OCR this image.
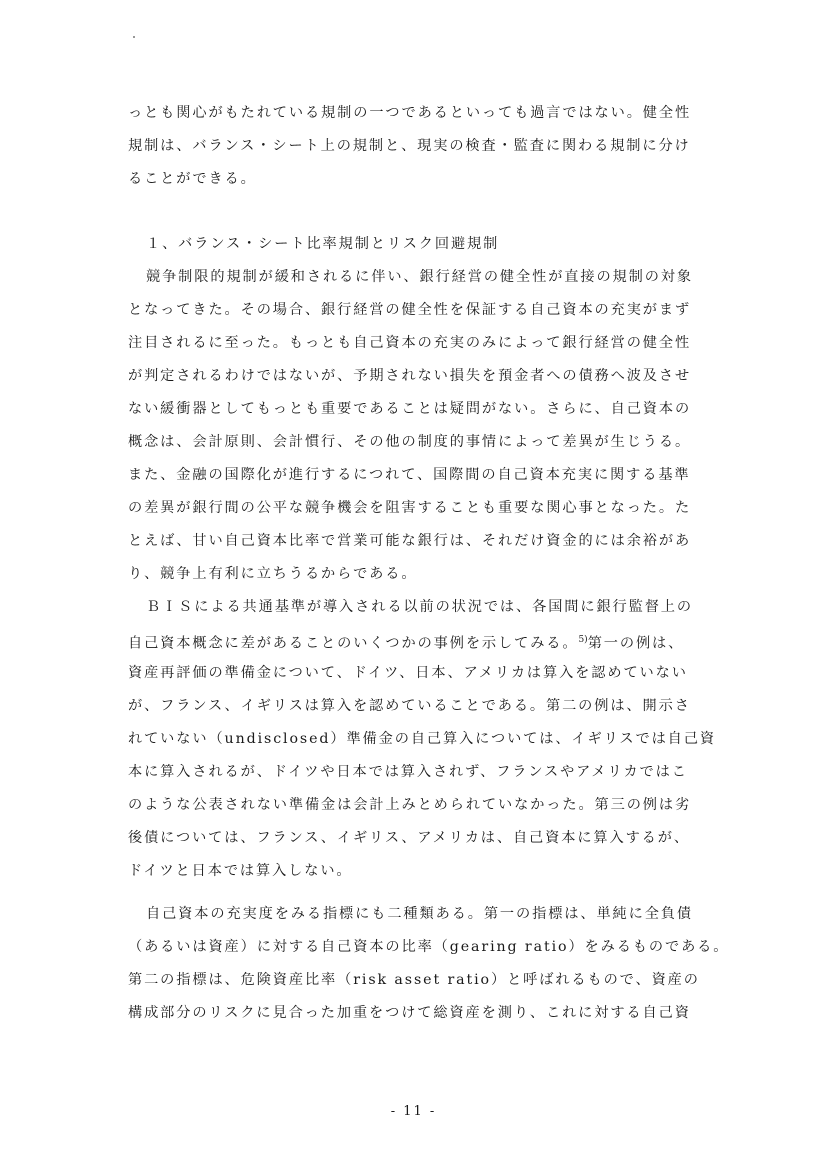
っとも関心がもたれている規制の一つであるといっても過言ではない。健全性
規制は、バランス・シート上の規制と、現実の検査・監査に関わる規制に分け
ることができる。
１、バランス・シート比率規制とリスク回避規制
競争制限的規制が緩和されるに伴い、銀行経営の健全性が直接の規制の対象
となってきた。その場合、銀行経営の健全性を保証する自己資本の充実がまず
注目されるに至った。もっとも自己資本の充実のみによって銀行経営の健全性
が判定されるわけではないが、予期されない損失を預金者への債務へ波及させ
ない緩衝器としてもっとも重要であることは疑問がない。さらに、自己資本の
概念は、会計原則、会計慣行、その他の制度的事情によって差異が生じうる。
また、金融の国際化が進行するにつれて、国際間の自己資本充実に関する基準
の差異が銀行間の公平な競争機会を阻害することも重要な関心事となった。た
とえば、甘い自己資本比率で営業可能な銀行は、それだけ資金的には余裕があ
り、競争上有利に立ちうるからである。
ＢＩＳによる共通基準が導入される以前の状況では、各国間に銀行監督上の
自己資本概念に差があることのいくつかの事例を示してみる。$^{5)}$第一の例は、
資産再評価の準備金について、ドイツ、日本、アメリカは算入を認めていない
が、フランス、イギリスは算入を認めていることである。第二の例は、開示さ
れていない（undisclosed）準備金の自己算入については、イギリスでは自己資
本に算入されるが、ドイツや日本では算入されず、フランスやアメリカではこ
のような公表されない準備金は会計上みとめられていなかった。第三の例は劣
後債については、フランス、イギリス、アメリカは、自己資本に算入するが、
ドイツと日本では算入しない。
自己資本の充実度をみる指標にも二種類ある。第一の指標は、単純に全負債
（あるいは資産）に対する自己資本の比率（gearing ratio）をみるものである。
第二の指標は、危険資産比率（risk asset ratio）と呼ばれるもので、資産の
構成部分のリスクに見合った加重をつけて総資産を測り、これに対する自己資
- 11 -
